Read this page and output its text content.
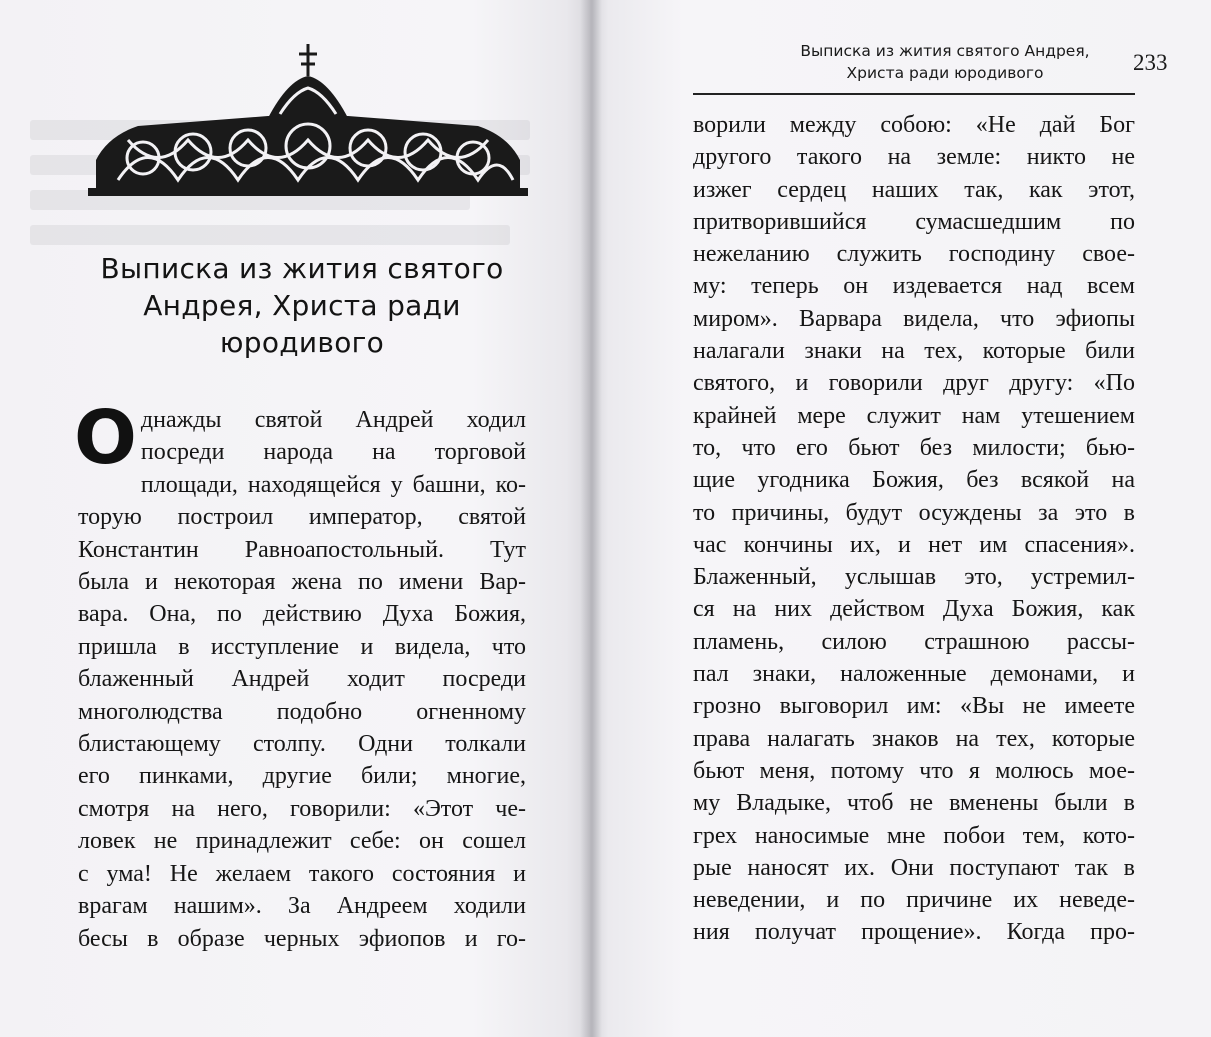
Выписка из жития святого
Андрея, Христа ради
юродивого
О днажды святой Андрей ходил
посреди народа на торговой
площади, находящейся у башни, ко-
торую построил император, святой
Константин Равноапостольный. Тут
была и некоторая жена по имени Вар-
вара. Она, по действию Духа Божия,
пришла в исступление и видела, что
блаженный Андрей ходит посреди
многолюдства подобно огненному
блистающему столпу. Одни толкали
его пинками, другие били; многие,
смотря на него, говорили: «Этот че-
ловек не принадлежит себе: он сошел
с ума! Не желаем такого состояния и
врагам нашим». За Андреем ходили
бесы в образе черных эфиопов и го-
Выписка из жития святого Андрея,
Христа ради юродивого	233
ворили между собою: «Не дай Бог
другого такого на земле: никто не
изжег сердец наших так, как этот,
притворившийся сумасшедшим по
нежеланию служить господину свое-
му: теперь он издевается над всем
миром». Варвара видела, что эфиопы
налагали знаки на тех, которые били
святого, и говорили друг другу: «По
крайней мере служит нам утешением
то, что его бьют без милости; бью-
щие угодника Божия, без всякой на
то причины, будут осуждены за это в
час кончины их, и нет им спасения».
Блаженный, услышав это, устремил-
ся на них действом Духа Божия, как
пламень, силою страшною рассы-
пал знаки, наложенные демонами, и
грозно выговорил им: «Вы не имеете
права налагать знаков на тех, которые
бьют меня, потому что я молюсь мое-
му Владыке, чтоб не вменены были в
грех наносимые мне побои тем, кото-
рые наносят их. Они поступают так в
неведении, и по причине их неведе-
ния получат прощение». Когда про-
